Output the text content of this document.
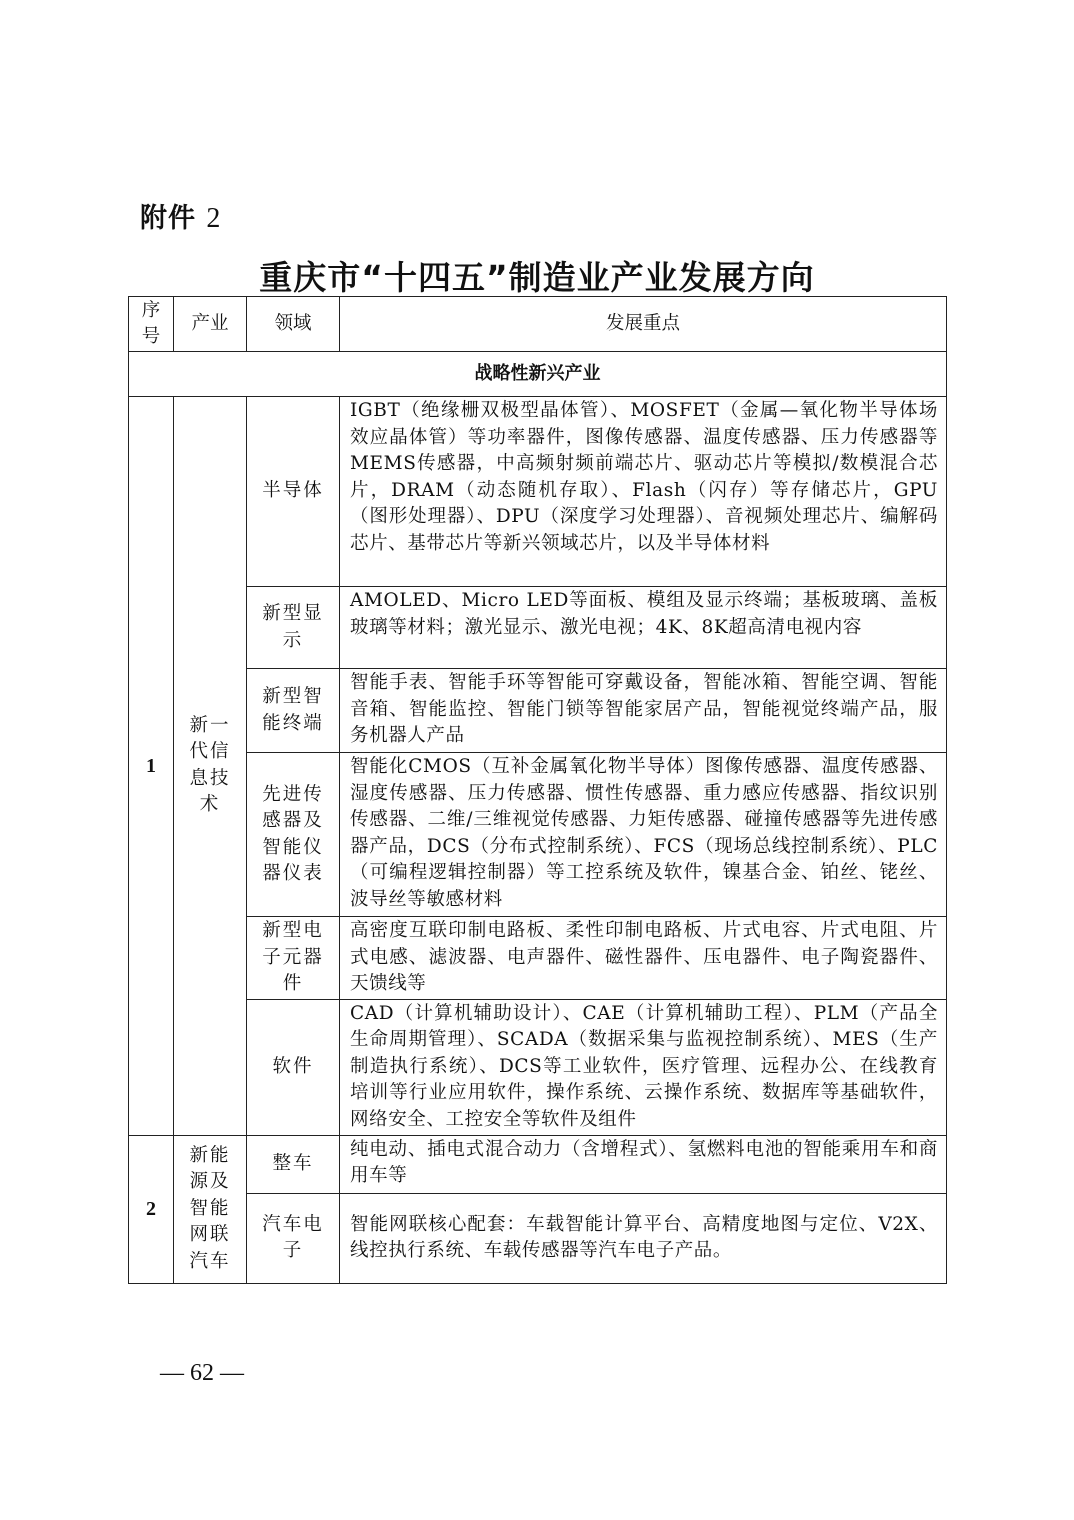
附件 2
重庆市“十四五”制造业产业发展方向
序号	产业	领域	发展重点
战略性新兴产业			
1	新一代信息技术	半导体	IGBT（绝缘栅双极型晶体管）、MOSFET（金属—氧化物半导体场效应晶体管）等功率器件，图像传感器、温度传感器、压力传感器等MEMS传感器，中高频射频前端芯片、驱动芯片等模拟/数模混合芯片，DRAM（动态随机存取）、Flash（闪存）等存储芯片，GPU（图形处理器）、DPU（深度学习处理器）、音视频处理芯片、编解码芯片、基带芯片等新兴领域芯片，以及半导体材料
		新型显示	AMOLED、Micro LED等面板、模组及显示终端；基板玻璃、盖板玻璃等材料；激光显示、激光电视；4K、8K超高清电视内容
		新型智能终端	智能手表、智能手环等智能可穿戴设备，智能冰箱、智能空调、智能音箱、智能监控、智能门锁等智能家居产品，智能视觉终端产品，服务机器人产品
		先进传感器及智能仪器仪表	智能化CMOS（互补金属氧化物半导体）图像传感器、温度传感器、湿度传感器、压力传感器、惯性传感器、重力感应传感器、指纹识别传感器、二维/三维视觉传感器、力矩传感器、碰撞传感器等先进传感器产品，DCS（分布式控制系统）、FCS（现场总线控制系统）、PLC（可编程逻辑控制器）等工控系统及软件，镍基合金、铂丝、铑丝、波导丝等敏感材料
		新型电子元器件	高密度互联印制电路板、柔性印制电路板、片式电容、片式电阻、片式电感、滤波器、电声器件、磁性器件、压电器件、电子陶瓷器件、天馈线等
		软件	CAD（计算机辅助设计）、CAE（计算机辅助工程）、PLM（产品全生命周期管理）、SCADA（数据采集与监视控制系统）、MES（生产制造执行系统）、DCS等工业软件，医疗管理、远程办公、在线教育培训等行业应用软件，操作系统、云操作系统、数据库等基础软件，网络安全、工控安全等软件及组件
2	新能源及智能网联汽车	整车	纯电动、插电式混合动力（含增程式）、氢燃料电池的智能乘用车和商用车等
		汽车电子	智能网联核心配套：车载智能计算平台、高精度地图与定位、V2X、线控执行系统、车载传感器等汽车电子产品。
— 62 —
